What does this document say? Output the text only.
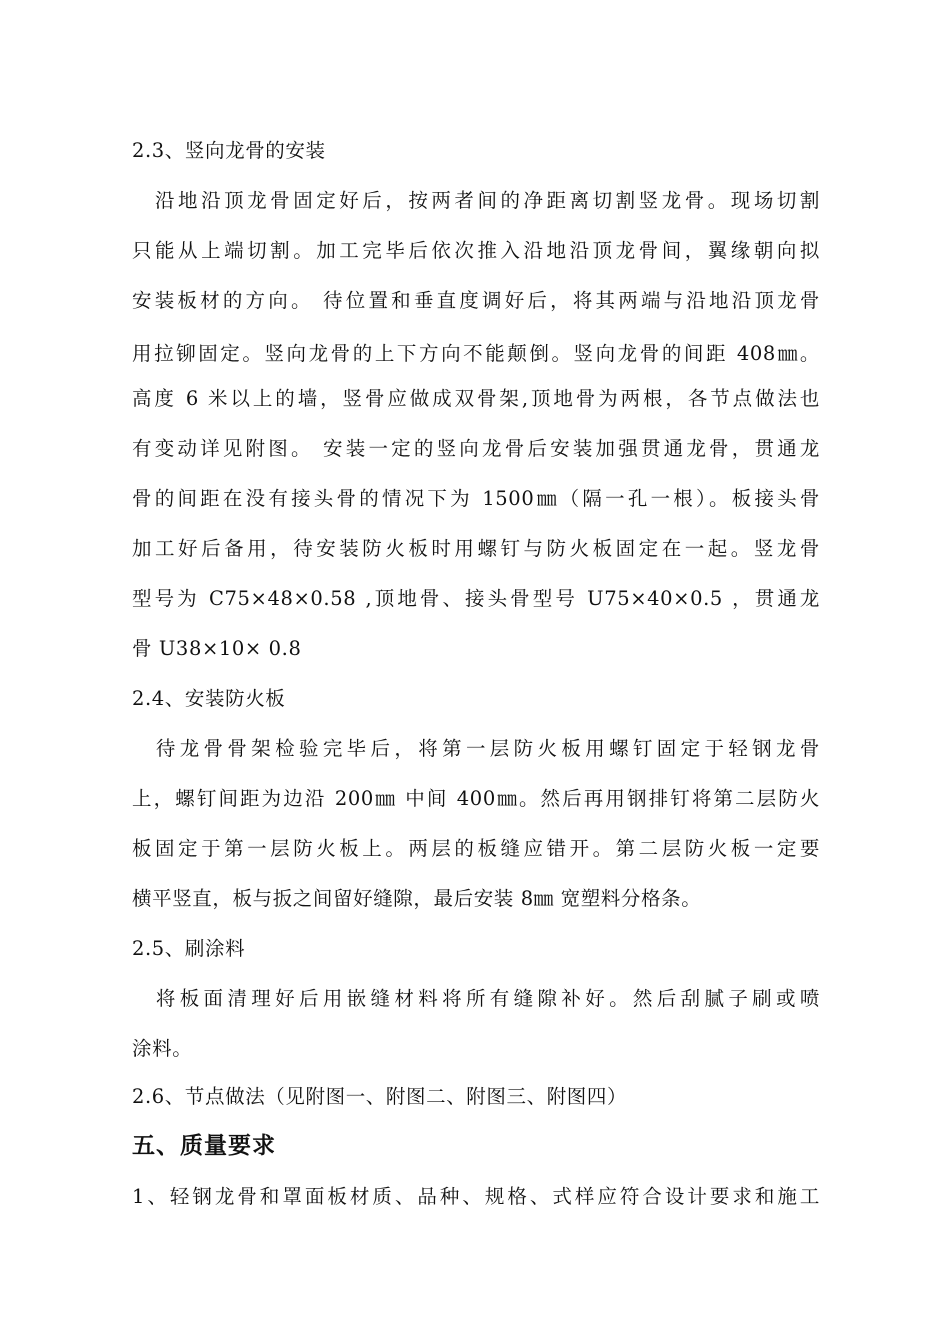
2.3、竖向龙骨的安装
　沿地沿顶龙骨固定好后，按两者间的净距离切割竖龙骨。现场切割
只能从上端切割。加工完毕后依次推入沿地沿顶龙骨间，翼缘朝向拟
安装板材的方向。 待位置和垂直度调好后，将其两端与沿地沿顶龙骨
用拉铆固定。竖向龙骨的上下方向不能颠倒。竖向龙骨的间距 408㎜。
高度 6 米以上的墙，竖骨应做成双骨架,顶地骨为两根，各节点做法也
有变动详见附图。 安装一定的竖向龙骨后安装加强贯通龙骨，贯通龙
骨的间距在没有接头骨的情况下为 1500㎜（隔一孔一根）。板接头骨
加工好后备用，待安装防火板时用螺钉与防火板固定在一起。竖龙骨
型号为 C75×48×0.58 ,顶地骨、接头骨型号 U75×40×0.5 ，贯通龙
骨 U38×10× 0.8
2.4、安装防火板
　待龙骨骨架检验完毕后，将第一层防火板用螺钉固定于轻钢龙骨
上，螺钉间距为边沿 200㎜ 中间 400㎜。然后再用钢排钉将第二层防火
板固定于第一层防火板上。两层的板缝应错开。第二层防火板一定要
横平竖直，板与扳之间留好缝隙，最后安装 8㎜ 宽塑料分格条。
2.5、刷涂料
　将板面清理好后用嵌缝材料将所有缝隙补好。然后刮腻子刷或喷
涂料。
2.6、节点做法（见附图一、附图二、附图三、附图四）
五、质量要求
1、轻钢龙骨和罩面板材质、品种、规格、式样应符合设计要求和施工
